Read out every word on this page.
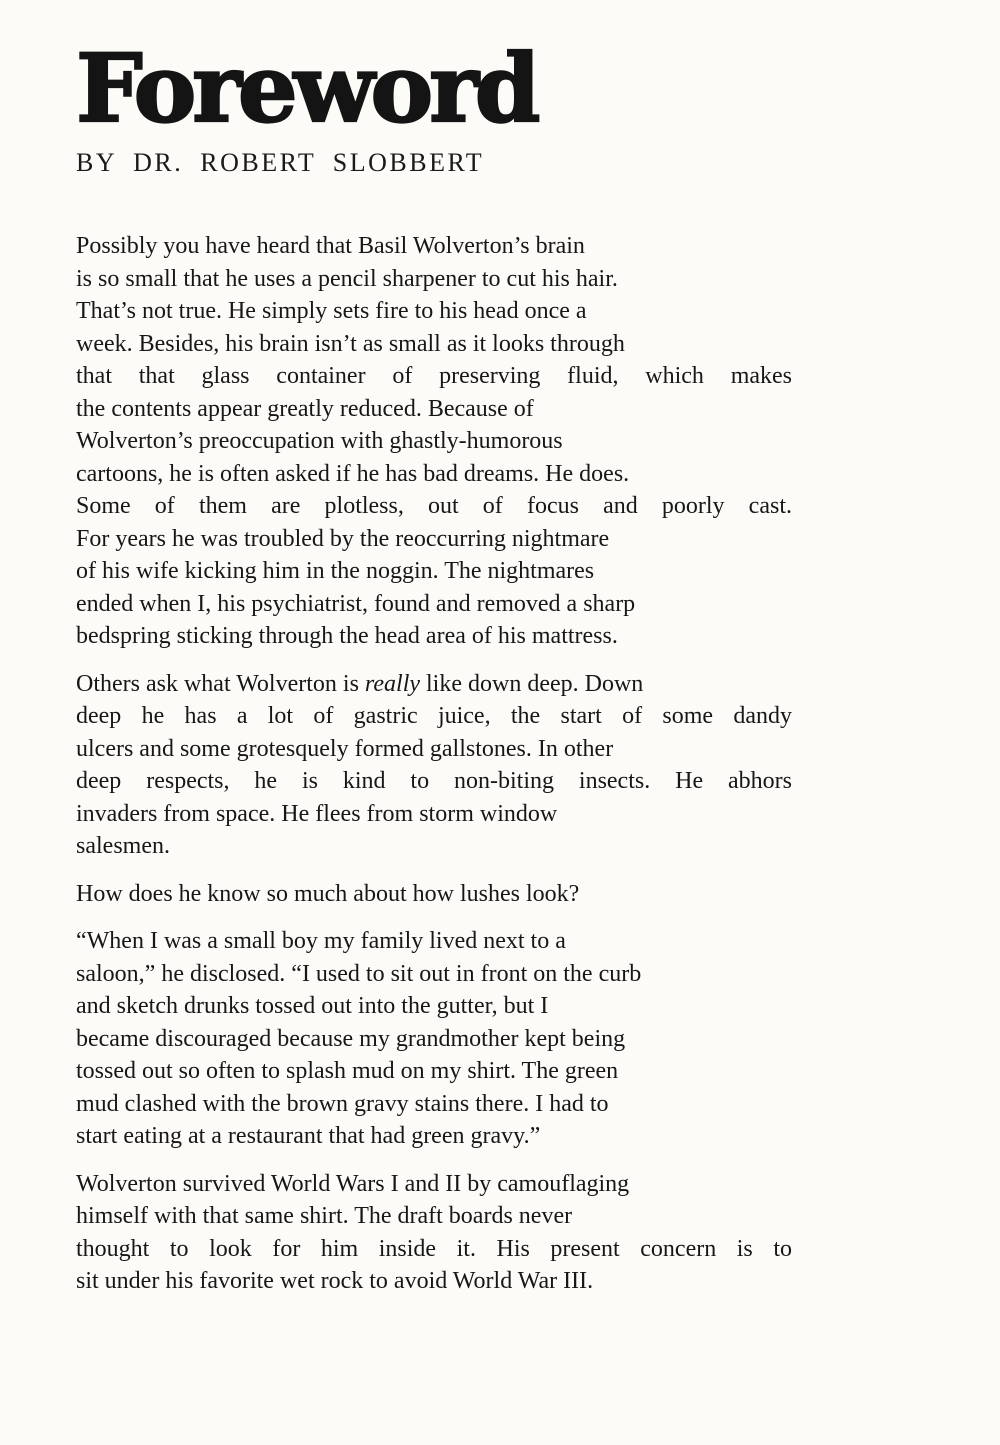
Foreword
BY DR. ROBERT SLOBBERT

Possibly you have heard that Basil Wolverton’s brain
is so small that he uses a pencil sharpener to cut his hair.
That’s not true. He simply sets fire to his head once a
week. Besides, his brain isn’t as small as it looks through
that that glass container of preserving fluid, which makes
the contents appear greatly reduced. Because of
Wolverton’s preoccupation with ghastly-humorous
cartoons, he is often asked if he has bad dreams. He does.
Some of them are plotless, out of focus and poorly cast.
For years he was troubled by the reoccurring nightmare
of his wife kicking him in the noggin. The nightmares
ended when I, his psychiatrist, found and removed a sharp
bedspring sticking through the head area of his mattress.

Others ask what Wolverton is really like down deep. Down
deep he has a lot of gastric juice, the start of some dandy
ulcers and some grotesquely formed gallstones. In other
deep respects, he is kind to non-biting insects. He abhors
invaders from space. He flees from storm window
salesmen.

How does he know so much about how lushes look?

“When I was a small boy my family lived next to a
saloon,” he disclosed. “I used to sit out in front on the curb
and sketch drunks tossed out into the gutter, but I
became discouraged because my grandmother kept being
tossed out so often to splash mud on my shirt. The green
mud clashed with the brown gravy stains there. I had to
start eating at a restaurant that had green gravy.”

Wolverton survived World Wars I and II by camouflaging
himself with that same shirt. The draft boards never
thought to look for him inside it. His present concern is to
sit under his favorite wet rock to avoid World War III.
